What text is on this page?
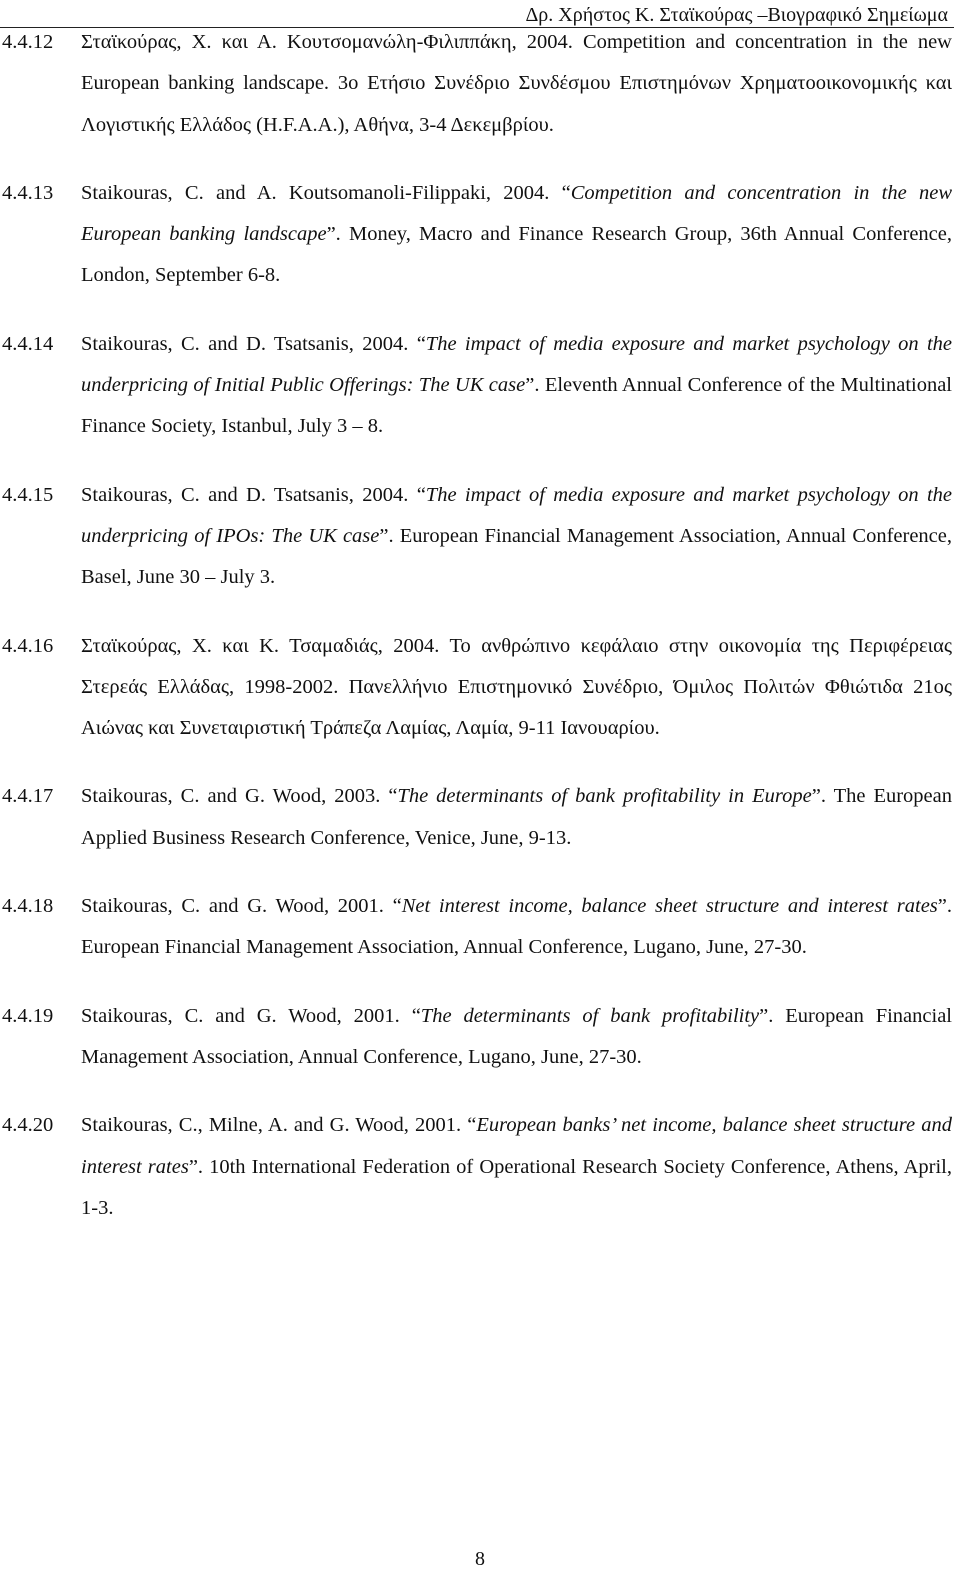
Δρ. Χρήστος Κ. Σταϊκούρας –Βιογραφικό Σημείωμα
4.4.12 Σταϊκούρας, Χ. και Α. Κουτσομανώλη-Φιλιππάκη, 2004. Competition and concentration in the new European banking landscape. 3ο Ετήσιο Συνέδριο Συνδέσμου Επιστημόνων Χρηματοοικονομικής και Λογιστικής Ελλάδος (H.F.A.A.), Αθήνα, 3-4 Δεκεμβρίου.
4.4.13 Staikouras, C. and A. Koutsomanoli-Filippaki, 2004. “Competition and concentration in the new European banking landscape”. Money, Macro and Finance Research Group, 36th Annual Conference, London, September 6-8.
4.4.14 Staikouras, C. and D. Tsatsanis, 2004. “The impact of media exposure and market psychology on the underpricing of Initial Public Offerings: The UK case”. Eleventh Annual Conference of the Multinational Finance Society, Istanbul, July 3 – 8.
4.4.15 Staikouras, C. and D. Tsatsanis, 2004. “The impact of media exposure and market psychology on the underpricing of IPOs: The UK case”. European Financial Management Association, Annual Conference, Basel, June 30 – July 3.
4.4.16 Σταϊκούρας, Χ. και Κ. Τσαμαδιάς, 2004. Το ανθρώπινο κεφάλαιο στην οικονομία της Περιφέρειας Στερεάς Ελλάδας, 1998-2002. Πανελλήνιο Επιστημονικό Συνέδριο, Όμιλος Πολιτών Φθιώτιδα 21ος Αιώνας και Συνεταιριστική Τράπεζα Λαμίας, Λαμία, 9-11 Ιανουαρίου.
4.4.17 Staikouras, C. and G. Wood, 2003. “The determinants of bank profitability in Europe”. The European Applied Business Research Conference, Venice, June, 9-13.
4.4.18 Staikouras, C. and G. Wood, 2001. “Net interest income, balance sheet structure and interest rates”. European Financial Management Association, Annual Conference, Lugano, June, 27-30.
4.4.19 Staikouras, C. and G. Wood, 2001. “The determinants of bank profitability”. European Financial Management Association, Annual Conference, Lugano, June, 27-30.
4.4.20 Staikouras, C., Milne, A. and G. Wood, 2001. “European banks’ net income, balance sheet structure and interest rates”. 10th International Federation of Operational Research Society Conference, Athens, April, 1-3.
8
